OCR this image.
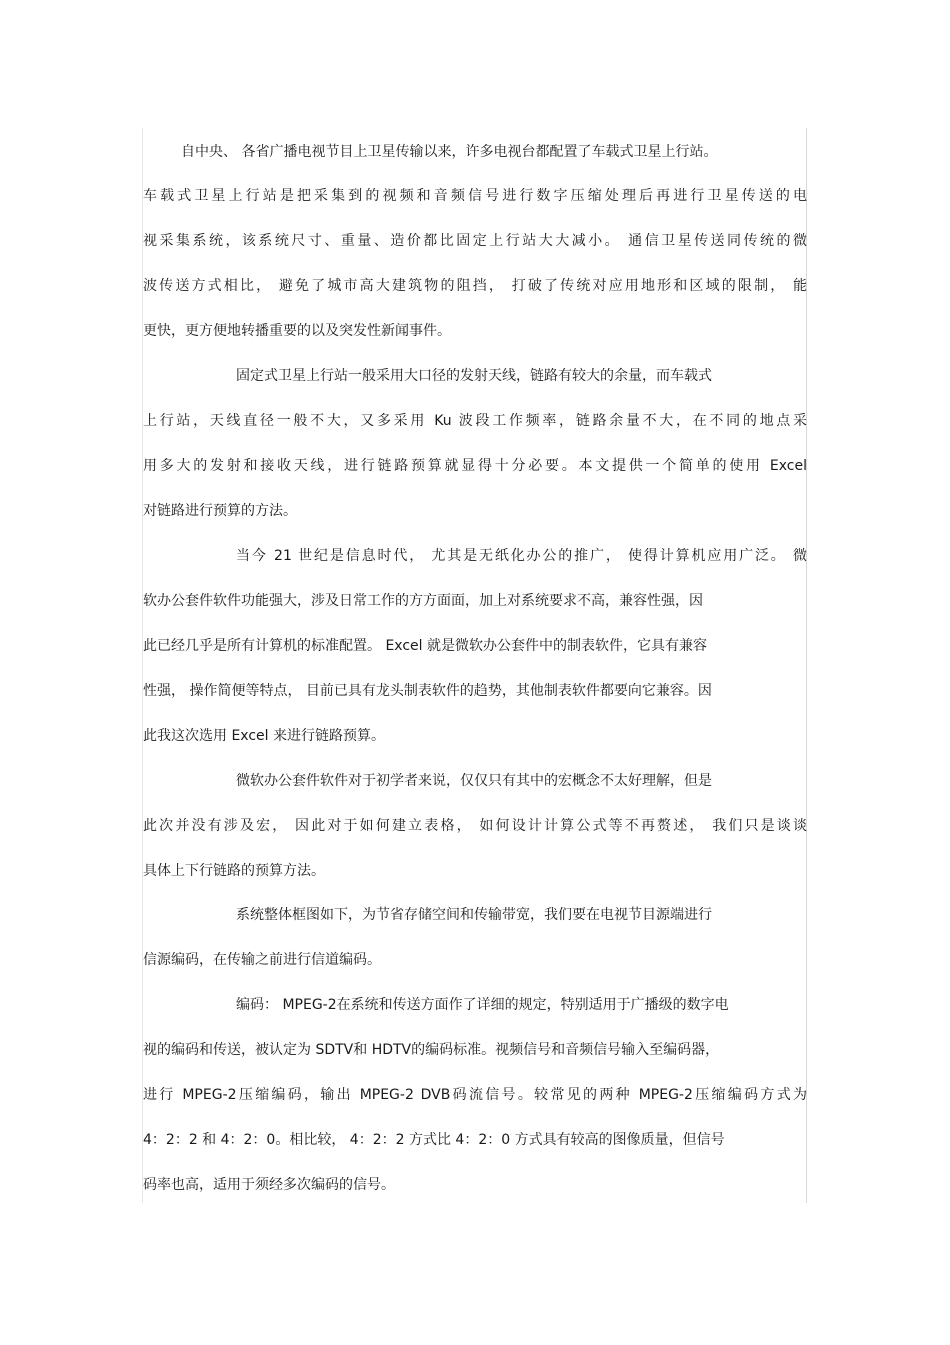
自中央、 各省广播电视节目上卫星传输以来，许多电视台都配置了车载式卫星上行站。
车载式卫星上行站是把采集到的视频和音频信号进行数字压缩处理后再进行卫星传送的电
视采集系统，该系统尺寸、重量、造价都比固定上行站大大减小。 通信卫星传送同传统的微
波传送方式相比， 避免了城市高大建筑物的阻挡， 打破了传统对应用地形和区域的限制， 能
更快，更方便地转播重要的以及突发性新闻事件。
固定式卫星上行站一般采用大口径的发射天线，链路有较大的余量，而车载式
上行站，天线直径一般不大，又多采用 Ku 波段工作频率，链路余量不大，在不同的地点采
用多大的发射和接收天线，进行链路预算就显得十分必要。本文提供一个简单的使用 Excel
对链路进行预算的方法。
当今 21 世纪是信息时代， 尤其是无纸化办公的推广， 使得计算机应用广泛。 微
软办公套件软件功能强大，涉及日常工作的方方面面，加上对系统要求不高，兼容性强，因
此已经几乎是所有计算机的标准配置。 Excel 就是微软办公套件中的制表软件，它具有兼容
性强， 操作简便等特点， 目前已具有龙头制表软件的趋势，其他制表软件都要向它兼容。因
此我这次选用 Excel 来进行链路预算。
微软办公套件软件对于初学者来说，仅仅只有其中的宏概念不太好理解，但是
此次并没有涉及宏， 因此对于如何建立表格， 如何设计计算公式等不再赘述， 我们只是谈谈
具体上下行链路的预算方法。
系统整体框图如下，为节省存储空间和传输带宽，我们要在电视节目源端进行
信源编码，在传输之前进行信道编码。
编码： MPEG-2在系统和传送方面作了详细的规定，特别适用于广播级的数字电
视的编码和传送，被认定为 SDTV和 HDTV的编码标准。视频信号和音频信号输入至编码器，
进行 MPEG-2压缩编码，输出 MPEG-2 DVB码流信号。较常见的两种 MPEG-2压缩编码方式为
4：2：2 和 4：2：0。相比较， 4：2：2 方式比 4：2：0 方式具有较高的图像质量，但信号
码率也高，适用于须经多次编码的信号。
